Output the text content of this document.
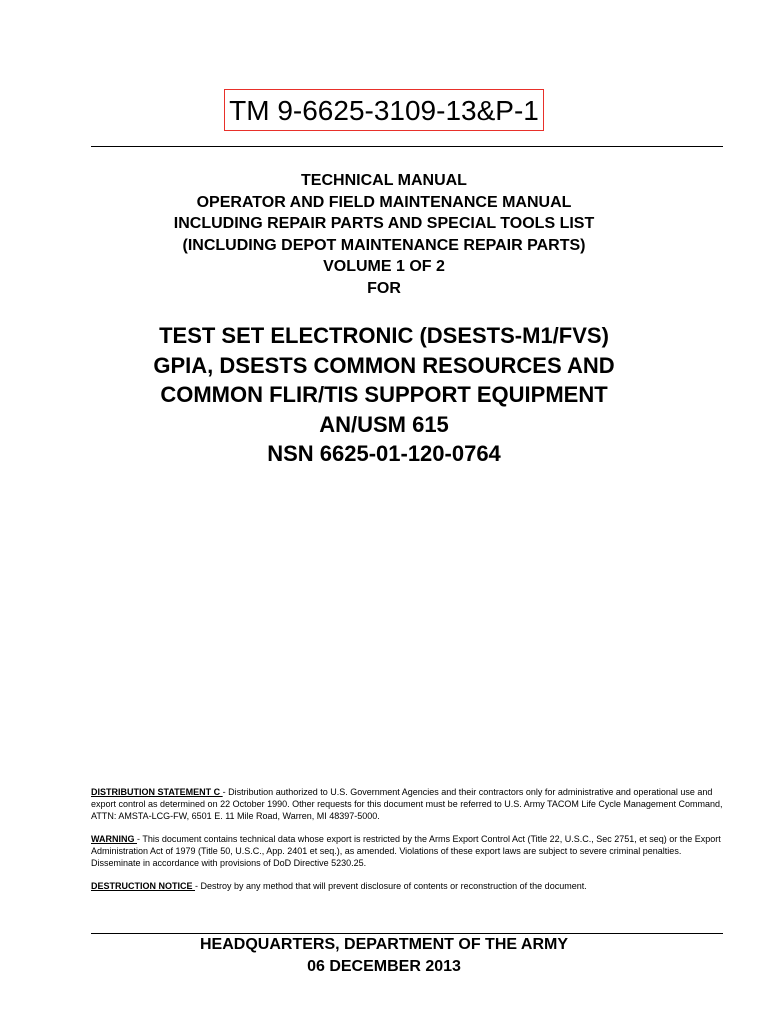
TM 9-6625-3109-13&P-1
TECHNICAL MANUAL
OPERATOR AND FIELD MAINTENANCE MANUAL
INCLUDING REPAIR PARTS AND SPECIAL TOOLS LIST
(INCLUDING DEPOT MAINTENANCE REPAIR PARTS)
VOLUME 1 OF 2
FOR
TEST SET ELECTRONIC (DSESTS-M1/FVS)
GPIA, DSESTS COMMON RESOURCES AND
COMMON FLIR/TIS SUPPORT EQUIPMENT
AN/USM 615
NSN 6625-01-120-0764

DISTRIBUTION STATEMENT C - Distribution authorized to U.S. Government Agencies and their contractors only for administrative and operational use and export control as determined on 22 October 1990. Other requests for this document must be referred to U.S. Army TACOM Life Cycle Management Command, ATTN: AMSTA-LCG-FW, 6501 E. 11 Mile Road, Warren, MI 48397-5000.

WARNING - This document contains technical data whose export is restricted by the Arms Export Control Act (Title 22, U.S.C., Sec 2751, et seq) or the Export Administration Act of 1979 (Title 50, U.S.C., App. 2401 et seq.), as amended. Violations of these export laws are subject to severe criminal penalties. Disseminate in accordance with provisions of DoD Directive 5230.25.

DESTRUCTION NOTICE - Destroy by any method that will prevent disclosure of contents or reconstruction of the document.

HEADQUARTERS, DEPARTMENT OF THE ARMY
06 DECEMBER 2013
